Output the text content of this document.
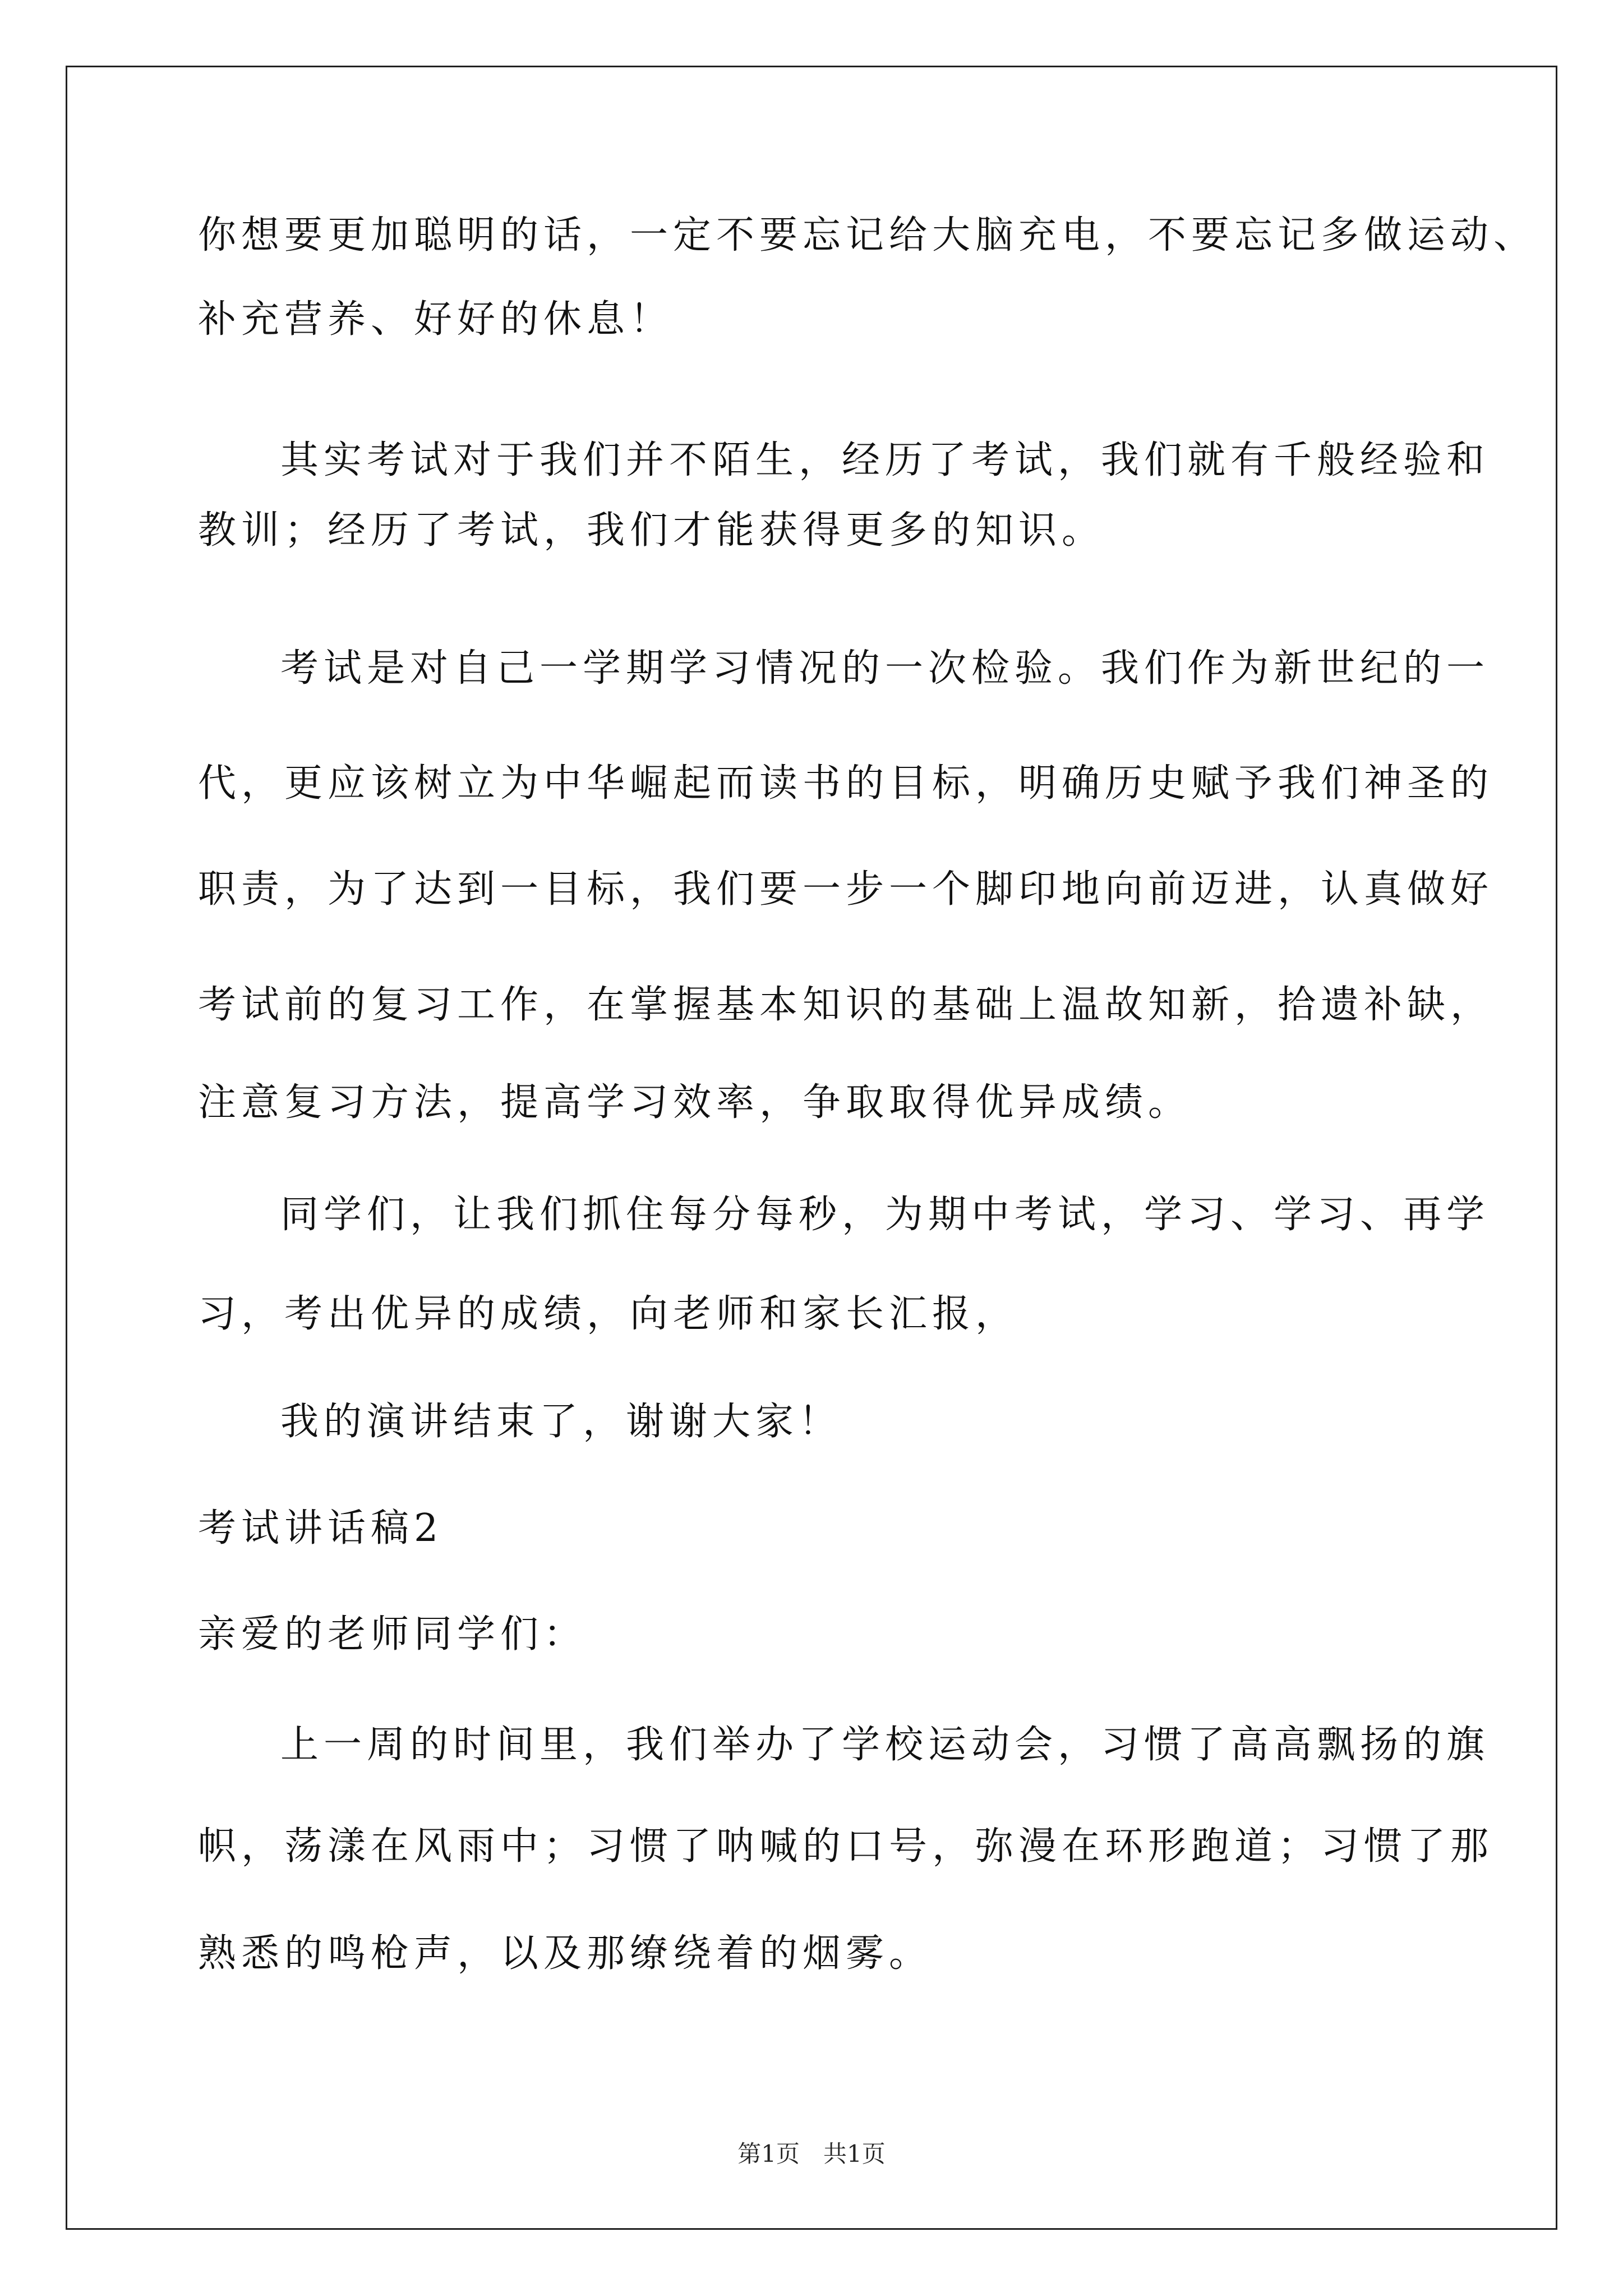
你想要更加聪明的话，一定不要忘记给大脑充电，不要忘记多做运动、
补充营养、好好的休息！
其实考试对于我们并不陌生，经历了考试，我们就有千般经验和
教训；经历了考试，我们才能获得更多的知识。
考试是对自己一学期学习情况的一次检验。我们作为新世纪的一
代，更应该树立为中华崛起而读书的目标，明确历史赋予我们神圣的
职责，为了达到一目标，我们要一步一个脚印地向前迈进，认真做好
考试前的复习工作，在掌握基本知识的基础上温故知新，拾遗补缺，
注意复习方法，提高学习效率，争取取得优异成绩。
同学们，让我们抓住每分每秒，为期中考试，学习、学习、再学
习，考出优异的成绩，向老师和家长汇报，
我的演讲结束了，谢谢大家！
考试讲话稿2
亲爱的老师同学们：
上一周的时间里，我们举办了学校运动会，习惯了高高飘扬的旗
帜，荡漾在风雨中；习惯了呐喊的口号，弥漫在环形跑道；习惯了那
熟悉的鸣枪声，以及那缭绕着的烟雾。
第1页　共1页
